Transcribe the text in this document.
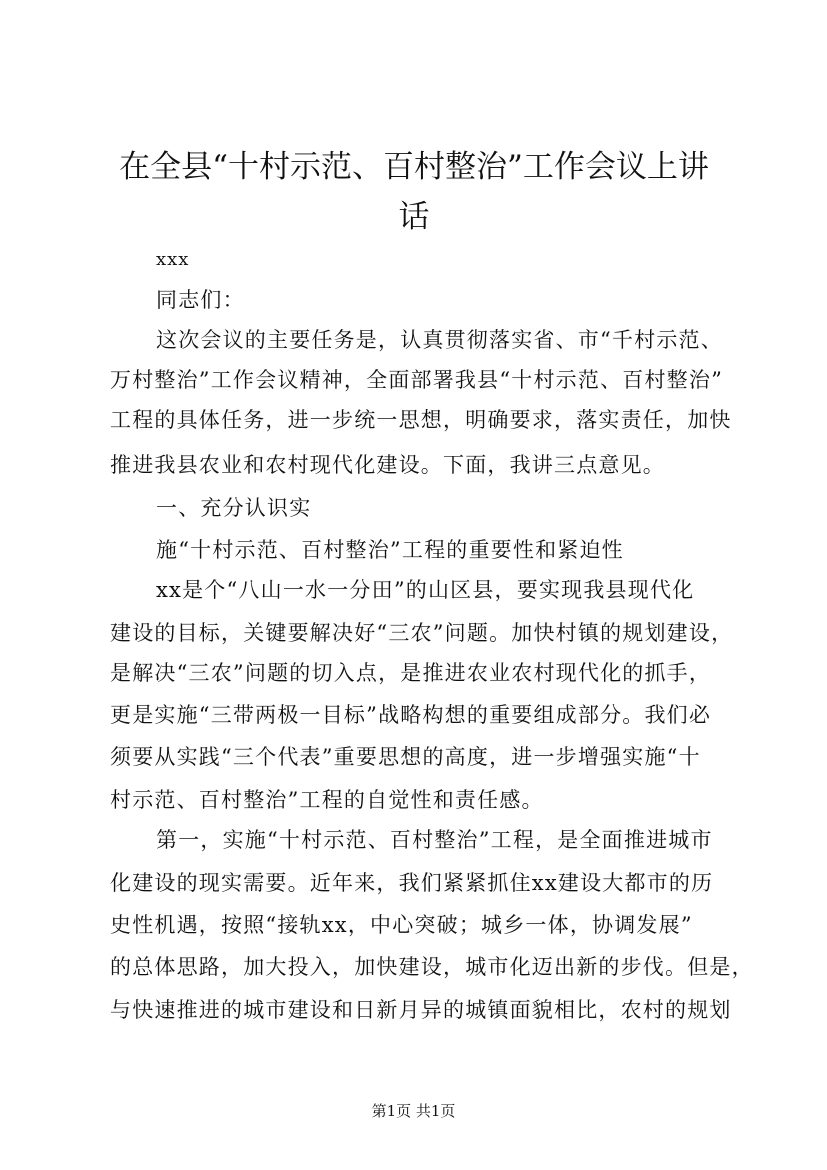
在全县“十村示范、百村整治”工作会议上讲话

xxx

同志们：

这次会议的主要任务是，认真贯彻落实省、市“千村示范、

万村整治”工作会议精神，全面部署我县“十村示范、百村整治”

工程的具体任务，进一步统一思想，明确要求，落实责任，加快

推进我县农业和农村现代化建设。下面，我讲三点意见。

一、充分认识实

施“十村示范、百村整治”工程的重要性和紧迫性

xx是个“八山一水一分田”的山区县，要实现我县现代化

建设的目标，关键要解决好“三农”问题。加快村镇的规划建设，

是解决“三农”问题的切入点，是推进农业农村现代化的抓手，

更是实施“三带两极一目标”战略构想的重要组成部分。我们必

须要从实践“三个代表”重要思想的高度，进一步增强实施“十

村示范、百村整治”工程的自觉性和责任感。

第一，实施“十村示范、百村整治”工程，是全面推进城市

化建设的现实需要。近年来，我们紧紧抓住xx建设大都市的历

史性机遇，按照“接轨xx，中心突破；城乡一体，协调发展”

的总体思路，加大投入，加快建设，城市化迈出新的步伐。但是，

与快速推进的城市建设和日新月异的城镇面貌相比，农村的规划

第1页 共1页
